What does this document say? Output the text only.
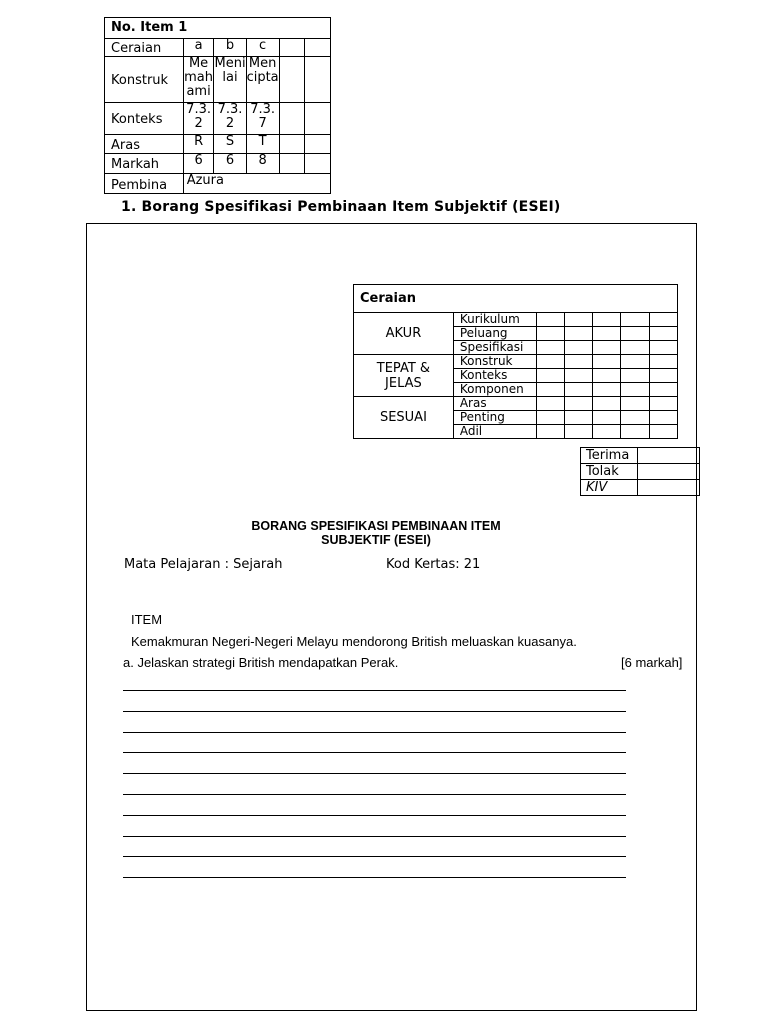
No. Item 1					
Ceraian	a	b	c		
Konstruk	Me mah ami	Meni lai	Men cipta		
Konteks	7.3. 2	7.3. 2	7.3. 7		
Aras	R	S	T		
Markah	6	6	8		
Pembina	Azura				
1. Borang Spesifikasi Pembinaan Item Subjektif (ESEI)
Ceraian						
AKUR	Kurikulum					
	Peluang					
	Spesifikasi					
TEPAT & JELAS	Konstruk					
	Konteks					
	Komponen					
SESUAI	Aras					
	Penting					
	Adil					
Terima	
Tolak	
KIV	
BORANG SPESIFIKASI PEMBINAAN ITEM
SUBJEKTIF (ESEI)
Mata Pelajaran : Sejarah	Kod Kertas: 21
ITEM
Kemakmuran Negeri-Negeri Melayu mendorong British meluaskan kuasanya.
a. Jelaskan strategi British mendapatkan Perak.	[6 markah]
